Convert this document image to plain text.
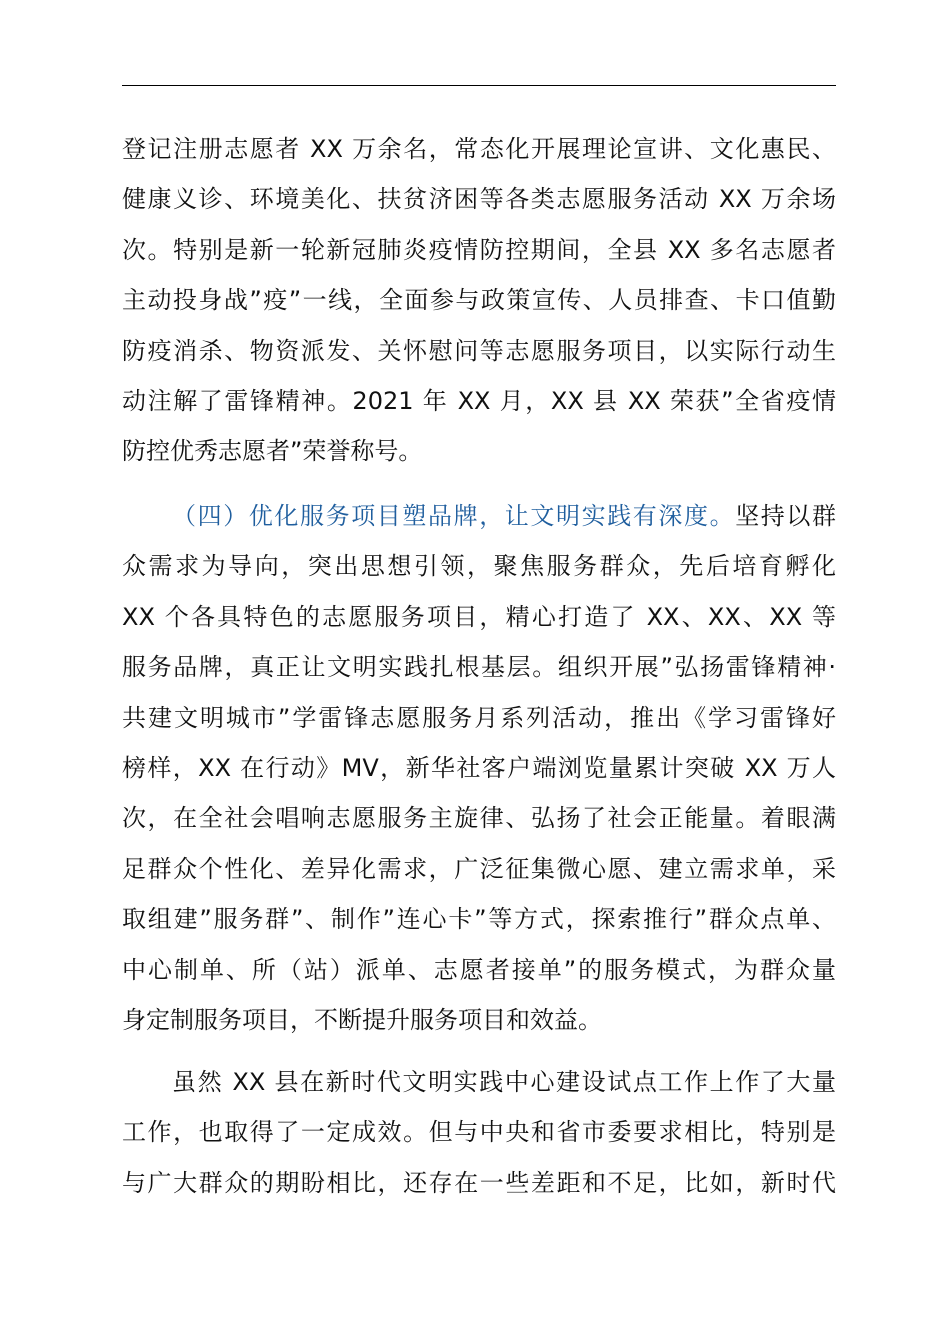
登记注册志愿者 XX 万余名，常态化开展理论宣讲、文化惠民、
健康义诊、环境美化、扶贫济困等各类志愿服务活动 XX 万余场
次。特别是新一轮新冠肺炎疫情防控期间，全县 XX 多名志愿者
主动投身战”疫”一线，全面参与政策宣传、人员排查、卡口值勤
防疫消杀、物资派发、关怀慰问等志愿服务项目，以实际行动生
动注解了雷锋精神。2021 年 XX 月，XX 县 XX 荣获”全省疫情
防控优秀志愿者”荣誉称号。
（四）优化服务项目塑品牌，让文明实践有深度。坚持以群
众需求为导向，突出思想引领，聚焦服务群众，先后培育孵化
XX 个各具特色的志愿服务项目，精心打造了 XX、XX、XX 等
服务品牌，真正让文明实践扎根基层。组织开展”弘扬雷锋精神·
共建文明城市”学雷锋志愿服务月系列活动，推出《学习雷锋好
榜样，XX 在行动》MV，新华社客户端浏览量累计突破 XX 万人
次，在全社会唱响志愿服务主旋律、弘扬了社会正能量。着眼满
足群众个性化、差异化需求，广泛征集微心愿、建立需求单，采
取组建”服务群”、制作”连心卡”等方式，探索推行”群众点单、
中心制单、所（站）派单、志愿者接单”的服务模式，为群众量
身定制服务项目，不断提升服务项目和效益。
虽然 XX 县在新时代文明实践中心建设试点工作上作了大量
工作，也取得了一定成效。但与中央和省市委要求相比，特别是
与广大群众的期盼相比，还存在一些差距和不足，比如，新时代
